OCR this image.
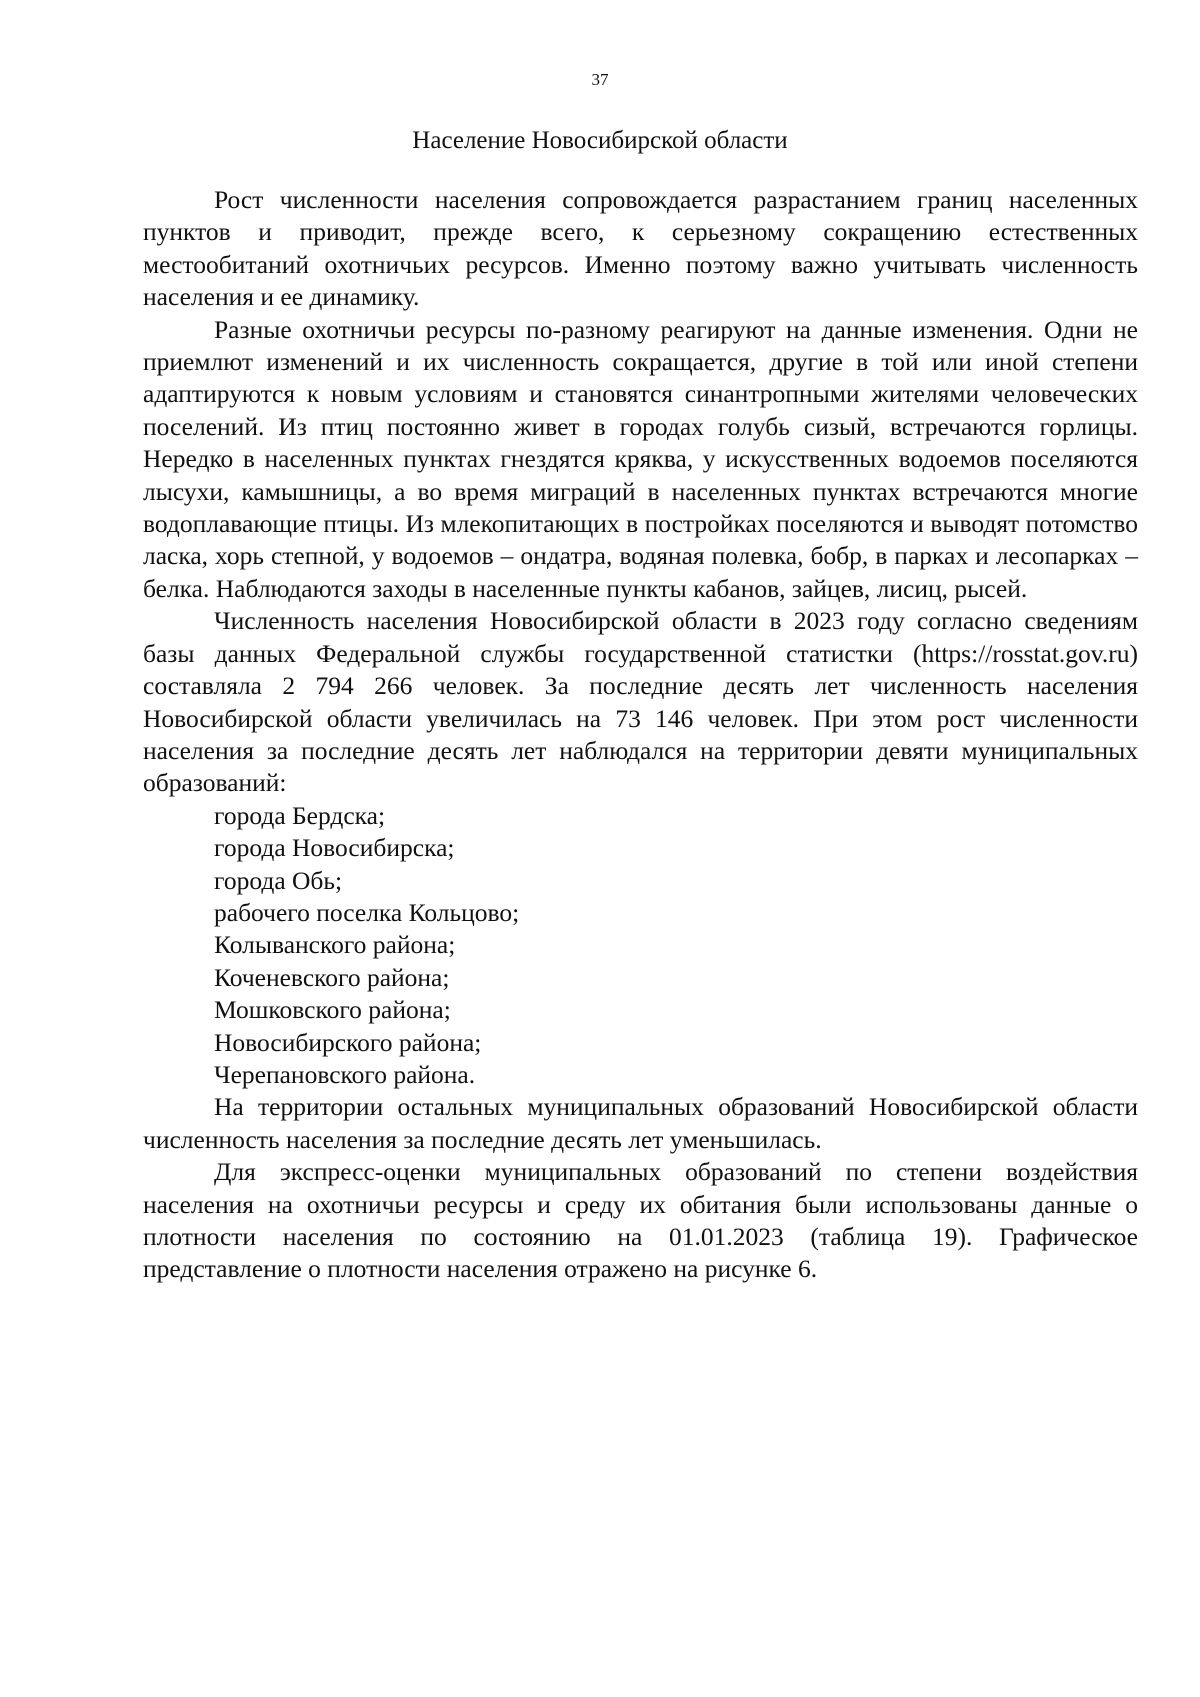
37
Население Новосибирской области

Рост численности населения сопровождается разрастанием границ населенных пунктов и приводит, прежде всего, к серьезному сокращению естественных местообитаний охотничьих ресурсов. Именно поэтому важно учитывать численность населения и ее динамику.

Разные охотничьи ресурсы по-разному реагируют на данные изменения. Одни не приемлют изменений и их численность сокращается, другие в той или иной степени адаптируются к новым условиям и становятся синантропными жителями человеческих поселений. Из птиц постоянно живет в городах голубь сизый, встречаются горлицы. Нередко в населенных пунктах гнездятся кряква, у искусственных водоемов поселяются лысухи, камышницы, а во время миграций в населенных пунктах встречаются многие водоплавающие птицы. Из млекопитающих в постройках поселяются и выводят потомство ласка, хорь степной, у водоемов – ондатра, водяная полевка, бобр, в парках и лесопарках – белка. Наблюдаются заходы в населенные пункты кабанов, зайцев, лисиц, рысей.

Численность населения Новосибирской области в 2023 году согласно сведениям базы данных Федеральной службы государственной статистки (https://rosstat.gov.ru) составляла 2 794 266 человек. За последние десять лет численность населения Новосибирской области увеличилась на 73 146 человек. При этом рост численности населения за последние десять лет наблюдался на территории девяти муниципальных образований:

города Бердска;
города Новосибирска;
города Обь;
рабочего поселка Кольцово;
Колыванского района;
Коченевского района;
Мошковского района;
Новосибирского района;
Черепановского района.

На территории остальных муниципальных образований Новосибирской области численность населения за последние десять лет уменьшилась.

Для экспресс-оценки муниципальных образований по степени воздействия населения на охотничьи ресурсы и среду их обитания были использованы данные о плотности населения по состоянию на 01.01.2023 (таблица 19). Графическое представление о плотности населения отражено на рисунке 6.
